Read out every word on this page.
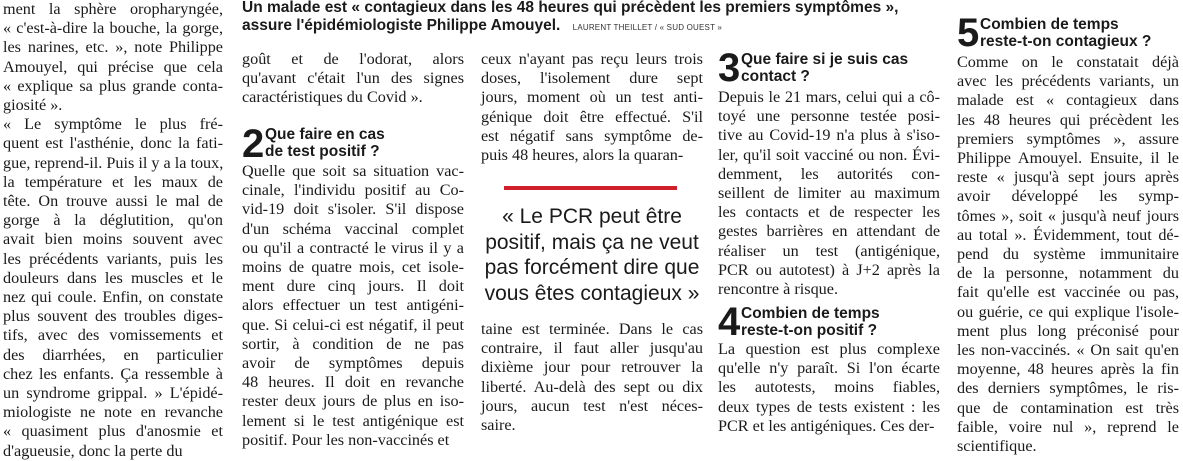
Un malade est « contagieux dans les 48 heures qui précèdent les premiers symptômes »,
assure l'épidémiologiste Philippe Amouyel. LAURENT THEILLET / « SUD OUEST »
ment la sphère oropharyngée,
« c'est-à-dire la bouche, la gorge,
les narines, etc. », note Philippe
Amouyel, qui précise que cela
« explique sa plus grande conta-
giosité ».
« Le symptôme le plus fré-
quent est l'asthénie, donc la fati-
gue, reprend-il. Puis il y a la toux,
la température et les maux de
tête. On trouve aussi le mal de
gorge à la déglutition, qu'on
avait bien moins souvent avec
les précédents variants, puis les
douleurs dans les muscles et le
nez qui coule. Enfin, on constate
plus souvent des troubles diges-
tifs, avec des vomissements et
des diarrhées, en particulier
chez les enfants. Ça ressemble à
un syndrome grippal. » L'épidé-
miologiste ne note en revanche
« quasiment plus d'anosmie et
d'agueusie, donc la perte du
goût et de l'odorat, alors
qu'avant c'était l'un des signes
caractéristiques du Covid ».
2 Que faire en cas
de test positif ?
Quelle que soit sa situation vac-
cinale, l'individu positif au Co-
vid-19 doit s'isoler. S'il dispose
d'un schéma vaccinal complet
ou qu'il a contracté le virus il y a
moins de quatre mois, cet isole-
ment dure cinq jours. Il doit
alors effectuer un test antigéni-
que. Si celui-ci est négatif, il peut
sortir, à condition de ne pas
avoir de symptômes depuis
48 heures. Il doit en revanche
rester deux jours de plus en iso-
lement si le test antigénique est
positif. Pour les non-vaccinés et
ceux n'ayant pas reçu leurs trois
doses, l'isolement dure sept
jours, moment où un test anti-
génique doit être effectué. S'il
est négatif sans symptôme de-
puis 48 heures, alors la quaran-
« Le PCR peut être
positif, mais ça ne veut
pas forcément dire que
vous êtes contagieux »
taine est terminée. Dans le cas
contraire, il faut aller jusqu'au
dixième jour pour retrouver la
liberté. Au-delà des sept ou dix
jours, aucun test n'est néces-
saire.
3 Que faire si je suis cas
contact ?
Depuis le 21 mars, celui qui a cô-
toyé une personne testée posi-
tive au Covid-19 n'a plus à s'iso-
ler, qu'il soit vacciné ou non. Évi-
demment, les autorités con-
seillent de limiter au maximum
les contacts et de respecter les
gestes barrières en attendant de
réaliser un test (antigénique,
PCR ou autotest) à J+2 après la
rencontre à risque.
4 Combien de temps
reste-t-on positif ?
La question est plus complexe
qu'elle n'y paraît. Si l'on écarte
les autotests, moins fiables,
deux types de tests existent : les
PCR et les antigéniques. Ces der-
5 Combien de temps
reste-t-on contagieux ?
Comme on le constatait déjà
avec les précédents variants, un
malade est « contagieux dans
les 48 heures qui précèdent les
premiers symptômes », assure
Philippe Amouyel. Ensuite, il le
reste « jusqu'à sept jours après
avoir développé les symp-
tômes », soit « jusqu'à neuf jours
au total ». Évidemment, tout dé-
pend du système immunitaire
de la personne, notamment du
fait qu'elle est vaccinée ou pas,
ou guérie, ce qui explique l'isole-
ment plus long préconisé pour
les non-vaccinés. « On sait qu'en
moyenne, 48 heures après la fin
des derniers symptômes, le ris-
que de contamination est très
faible, voire nul », reprend le
scientifique.
